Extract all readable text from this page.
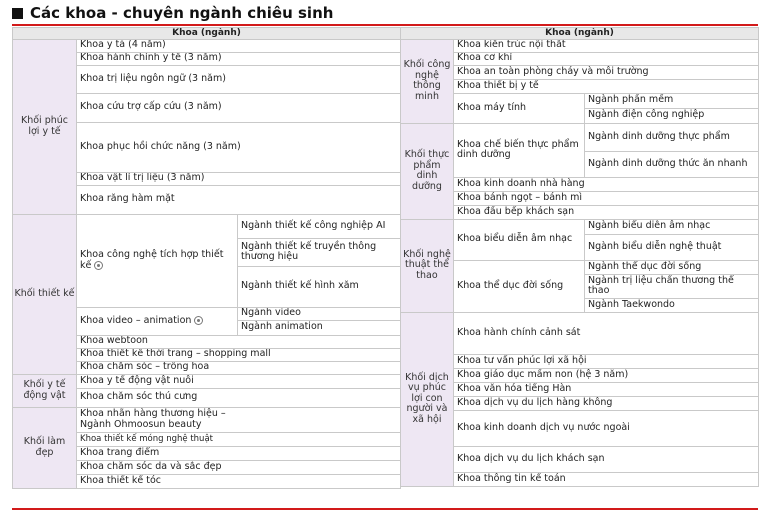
Các khoa - chuyên ngành chiêu sinh
Khoa (ngành)		
Khối phúc lợi y tế	Khoa y tá (4 năm)	
	Khoa hành chính y tế (3 năm)	
	Khoa trị liệu ngôn ngữ (3 năm)	
	Khoa cứu trợ cấp cứu (3 năm)	
	Khoa phục hồi chức năng (3 năm)	
	Khoa vật lí trị liệu (3 năm)	
	Khoa răng hàm mặt	
Khối thiết kế	Khoa công nghệ tích hợp thiết kế	Ngành thiết kế công nghiệp AI
		Ngành thiết kế truyền thông thương hiệu
		Ngành thiết kế hình xăm
	Khoa video – animation	Ngành video
		Ngành animation
	Khoa webtoon	
	Khoa thiết kế thời trang – shopping mall	
	Khoa chăm sóc – trồng hoa	
Khối y tế động vật	Khoa y tế động vật nuôi	
	Khoa chăm sóc thú cưng	
Khối làm đẹp	Khoa nhãn hàng thương hiệu – Ngành Ohmoosun beauty	
	Khoa thiết kế móng nghệ thuật	
	Khoa trang điểm	
	Khoa chăm sóc da và sắc đẹp	
	Khoa thiết kế tóc	
Khoa (ngành)		
Khối công nghệ thông minh	Khoa kiến trúc nội thất	
	Khoa cơ khí	
	Khoa an toàn phòng cháy và môi trường	
	Khoa thiết bị y tế	
	Khoa máy tính	Ngành phần mềm
		Ngành điện công nghiệp
Khối thực phẩm dinh dưỡng	Khoa chế biến thực phẩm dinh dưỡng	Ngành dinh dưỡng thực phẩm
		Ngành dinh dưỡng thức ăn nhanh
	Khoa kinh doanh nhà hàng	
	Khoa bánh ngọt – bánh mì	
	Khoa đầu bếp khách sạn	
Khối nghệ thuật thể thao	Khoa biểu diễn âm nhạc	Ngành biểu diễn âm nhạc
		Ngành biểu diễn nghệ thuật
	Khoa thể dục đời sống	Ngành thể dục đời sống
		Ngành trị liệu chấn thương thể thao
		Ngành Taekwondo

Khối dịch vụ phúc lợi con người và xã hội	Khoa hành chính cảnh sát	
	Khoa tư vấn phúc lợi xã hội	
	Khoa giáo dục mầm non (hệ 3 năm)	
	Khoa văn hóa tiếng Hàn	
	Khoa dịch vụ du lịch hàng không	
	Khoa kinh doanh dịch vụ nước ngoài	
	Khoa dịch vụ du lịch khách sạn	
	Khoa thông tin kế toán	
